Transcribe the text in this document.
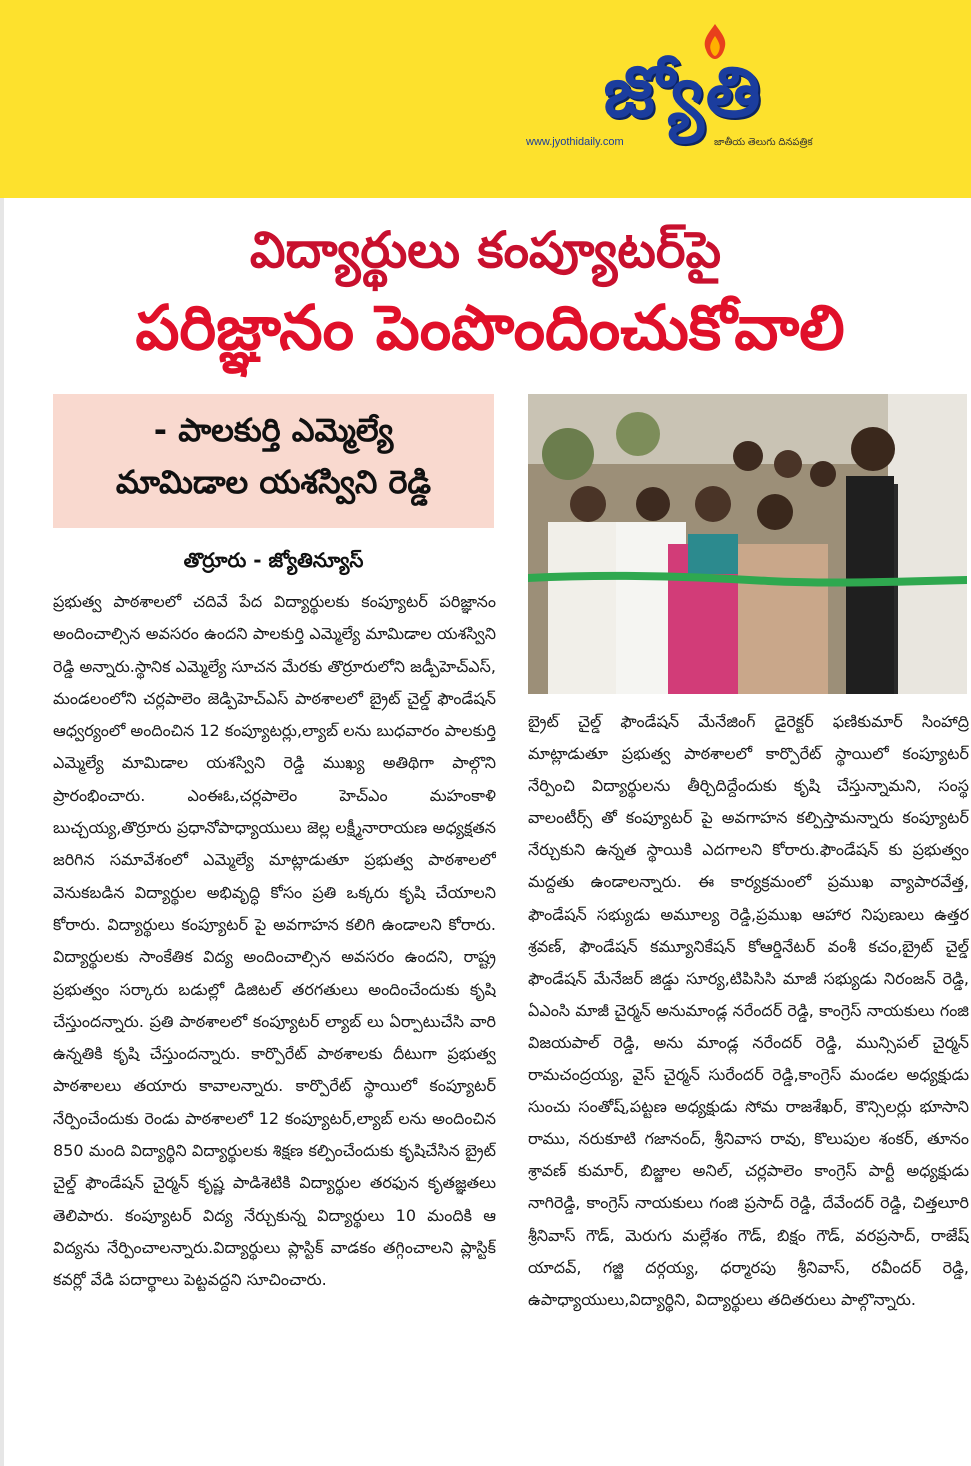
జ్యోతి
www.jyothidaily.com	జాతీయ తెలుగు దినపత్రిక
విద్యార్థులు కంప్యూటర్‌పై
పరిజ్ఞానం పెంపొందించుకోవాలి
- పాలకుర్తి ఎమ్మెల్యే
మామిడాల యశస్విని రెడ్డి
తొర్రూరు - జ్యోతిన్యూస్
ప్రభుత్వ పాఠశాలలో చదివే పేద విద్యార్థులకు కంప్యూటర్ పరిజ్ఞానం అందించాల్సిన అవసరం ఉందని పాలకుర్తి ఎమ్మెల్యే మామిడాల యశస్విని రెడ్డి అన్నారు.స్థానిక ఎమ్మెల్యే సూచన మేరకు తొర్రూరులోని జడ్పీహెచ్ఎస్, మండలంలోని చర్లపాలెం జెడ్పిహెచ్ఎస్ పాఠశాలలో బ్రైట్ చైల్డ్ ఫౌండేషన్ ఆధ్వర్యంలో అందించిన 12 కంప్యూటర్లు,ల్యాబ్ లను బుధవారం పాలకుర్తి ఎమ్మెల్యే మామిడాల యశస్విని రెడ్డి ముఖ్య అతిథిగా పాల్గొని ప్రారంభించారు. ఎంఈఓ,చర్లపాలెం హెచ్ఎం మహంకాళి బుచ్చయ్య,తొర్రూరు ప్రధానోపాధ్యాయులు జెల్ల లక్ష్మీనారాయణ అధ్యక్షతన జరిగిన సమావేశంలో ఎమ్మెల్యే మాట్లాడుతూ ప్రభుత్వ పాఠశాలలో వెనుకబడిన విద్యార్థుల అభివృద్ధి కోసం ప్రతి ఒక్కరు కృషి చేయాలని కోరారు. విద్యార్థులు కంప్యూటర్ పై అవగాహన కలిగి ఉండాలని కోరారు. విద్యార్థులకు సాంకేతిక విద్య అందించాల్సిన అవసరం ఉందని, రాష్ట్ర ప్రభుత్వం సర్కారు బడుల్లో డిజిటల్ తరగతులు అందించేందుకు కృషి చేస్తుందన్నారు. ప్రతి పాఠశాలలో కంప్యూటర్ ల్యాబ్ లు ఏర్పాటుచేసి వారి ఉన్నతికి కృషి చేస్తుందన్నారు. కార్పొరేట్ పాఠశాలకు దీటుగా ప్రభుత్వ పాఠశాలలు తయారు కావాలన్నారు. కార్పొరేట్ స్థాయిలో కంప్యూటర్ నేర్పించేందుకు రెండు పాఠశాలలో 12 కంప్యూటర్,ల్యాబ్ లను అందించిన 850 మంది విద్యార్థిని విద్యార్థులకు శిక్షణ కల్పించేందుకు కృషిచేసిన బ్రైట్ చైల్డ్ ఫౌండేషన్ చైర్మన్ కృష్ణ పాడిశెటికి విద్యార్థుల తరఫున కృతజ్ఞతలు తెలిపారు. కంప్యూటర్ విద్య నేర్చుకున్న విద్యార్థులు 10 మందికి ఆ విద్యను నేర్పించాలన్నారు.విద్యార్థులు ప్లాస్టిక్ వాడకం తగ్గించాలని ప్లాస్టిక్ కవర్లో వేడి పదార్థాలు పెట్టవద్దని సూచించారు.
బ్రైట్ చైల్డ్ ఫౌండేషన్ మేనేజింగ్ డైరెక్టర్ ఫణికుమార్ సింహాద్రి మాట్లాడుతూ ప్రభుత్వ పాఠశాలలో కార్పొరేట్ స్థాయిలో కంప్యూటర్ నేర్పించి విద్యార్థులను తీర్చిదిద్దేందుకు కృషి చేస్తున్నామని, సంస్థ వాలంటీర్స్ తో కంప్యూటర్ పై అవగాహన కల్పిస్తామన్నారు కంప్యూటర్ నేర్చుకుని ఉన్నత స్థాయికి ఎదగాలని కోరారు.ఫౌండేషన్ కు ప్రభుత్వం మద్దతు ఉండాలన్నారు. ఈ కార్యక్రమంలో ప్రముఖ వ్యాపారవేత్త, ఫౌండేషన్ సభ్యుడు అమూల్య రెడ్డి,ప్రముఖ ఆహార నిపుణులు ఉత్తర శ్రవణ్, ఫౌండేషన్ కమ్యూనికేషన్ కోఆర్డినేటర్ వంశీ కచం,బ్రైట్ చైల్డ్ ఫౌండేషన్ మేనేజర్ జిడ్డు సూర్య,టిపిసిసి మాజీ సభ్యుడు నిరంజన్ రెడ్డి, ఏఎంసి మాజీ చైర్మన్ అనుమాండ్ల నరేందర్ రెడ్డి, కాంగ్రెస్ నాయకులు గంజి విజయపాల్ రెడ్డి, అను మాండ్ల నరేందర్ రెడ్డి, మున్సిపల్ చైర్మన్ రామచంద్రయ్య, వైస్ చైర్మన్ సురేందర్ రెడ్డి,కాంగ్రెస్ మండల అధ్యక్షుడు సుంచు సంతోష్,పట్టణ అధ్యక్షుడు సోమ రాజశేఖర్, కౌన్సిలర్లు భూసాని రాము, నరుకూటి గజానంద్, శ్రీనివాస రావు, కొలుపుల శంకర్, తూనం శ్రావణ్ కుమార్, బిజ్జాల అనిల్, చర్లపాలెం కాంగ్రెస్ పార్టీ అధ్యక్షుడు నాగిరెడ్డి, కాంగ్రెస్ నాయకులు గంజి ప్రసాద్ రెడ్డి, దేవేందర్ రెడ్డి, చిత్తలూరి శ్రీనివాస్ గౌడ్, మెరుగు మల్లేశం గౌడ్, బిక్షం గౌడ్, వరప్రసాద్, రాజేష్ యాదవ్, గజ్జి దర్గయ్య, ధర్మారపు శ్రీనివాస్, రవీందర్ రెడ్డి, ఉపాధ్యాయులు,విద్యార్థిని, విద్యార్థులు తదితరులు పాల్గొన్నారు.
